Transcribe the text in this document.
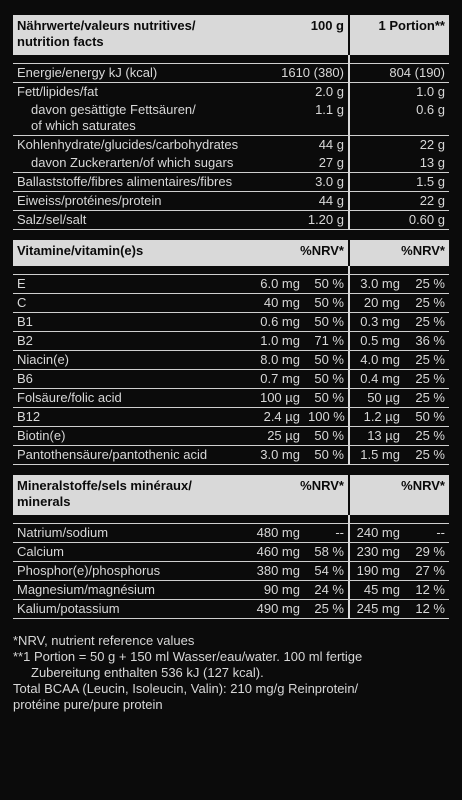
Nährwerte/valeurs nutritives/
nutrition facts	100 g	1 Portion**

Energie/energy kJ (kcal)	1610 (380)	804 (190)
Fett/lipides/fat	2.0 g	1.0 g
davon gesättigte Fettsäuren/
of which saturates	1.1 g	0.6 g
Kohlenhydrate/glucides/carbohydrates	44 g	22 g
davon Zuckerarten/of which sugars	27 g	13 g
Ballaststoffe/fibres alimentaires/fibres	3.0 g	1.5 g
Eiweiss/protéines/protein	44 g	22 g
Salz/sel/salt	1.20 g	0.60 g
Vitamine/vitamin(e)s	%NRV*		%NRV*	

E	6.0 mg	50 %	3.0 mg	25 %
C	40 mg	50 %	20 mg	25 %
B1	0.6 mg	50 %	0.3 mg	25 %
B2	1.0 mg	71 %	0.5 mg	36 %
Niacin(e)	8.0 mg	50 %	4.0 mg	25 %
B6	0.7 mg	50 %	0.4 mg	25 %
Folsäure/folic acid	100 µg	50 %	50 µg	25 %
B12	2.4 µg	100 %	1.2 µg	50 %
Biotin(e)	25 µg	50 %	13 µg	25 %
Pantothensäure/pantothenic acid	3.0 mg	50 %	1.5 mg	25 %
Mineralstoffe/sels minéraux/
minerals	%NRV*		%NRV*	

Natrium/sodium	480 mg	--	240 mg	--
Calcium	460 mg	58 %	230 mg	29 %
Phosphor(e)/phosphorus	380 mg	54 %	190 mg	27 %
Magnesium/magnésium	90 mg	24 %	45 mg	12 %
Kalium/potassium	490 mg	25 %	245 mg	12 %
*NRV, nutrient reference values
**1 Portion = 50 g + 150 ml Wasser/eau/water. 100 ml fertige
Zubereitung enthalten 536 kJ (127 kcal).
Total BCAA (Leucin, Isoleucin, Valin): 210 mg/g Reinprotein/
protéine pure/pure protein
